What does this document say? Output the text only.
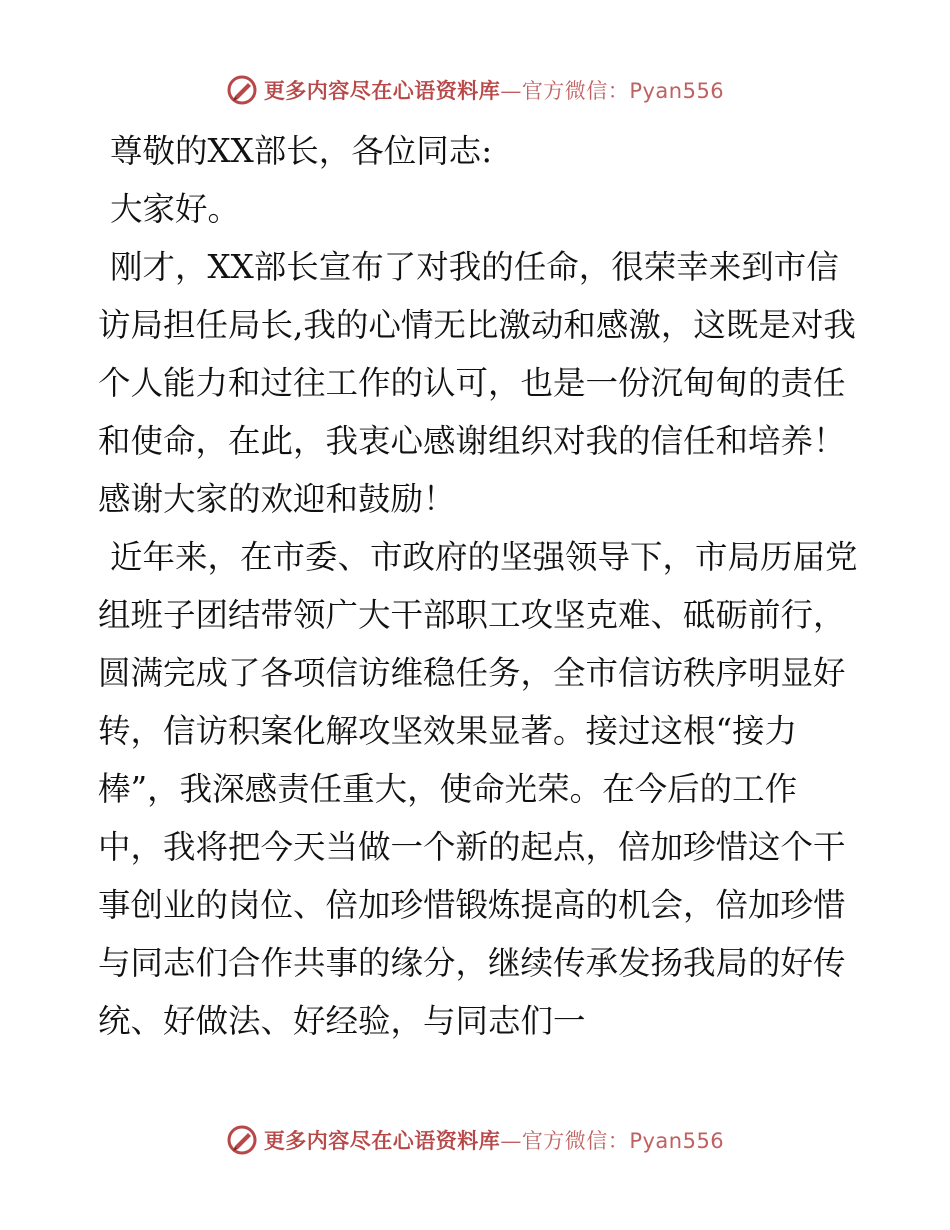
更多内容尽在心语资料库—官方微信：Pyan556

尊敬的XX部长，各位同志:

大家好。

刚才，XX部长宣布了对我的任命，很荣幸来到市信访局担任局长,我的心情无比激动和感激，这既是对我个人能力和过往工作的认可，也是一份沉甸甸的责任和使命，在此，我衷心感谢组织对我的信任和培养！感谢大家的欢迎和鼓励！

近年来，在市委、市政府的坚强领导下，市局历届党组班子团结带领广大干部职工攻坚克难、砥砺前行，圆满完成了各项信访维稳任务，全市信访秩序明显好转，信访积案化解攻坚效果显著。接过这根“接力棒”，我深感责任重大，使命光荣。在今后的工作中，我将把今天当做一个新的起点，倍加珍惜这个干事创业的岗位、倍加珍惜锻炼提高的机会，倍加珍惜与同志们合作共事的缘分，继续传承发扬我局的好传统、好做法、好经验，与同志们一

更多内容尽在心语资料库—官方微信：Pyan556
